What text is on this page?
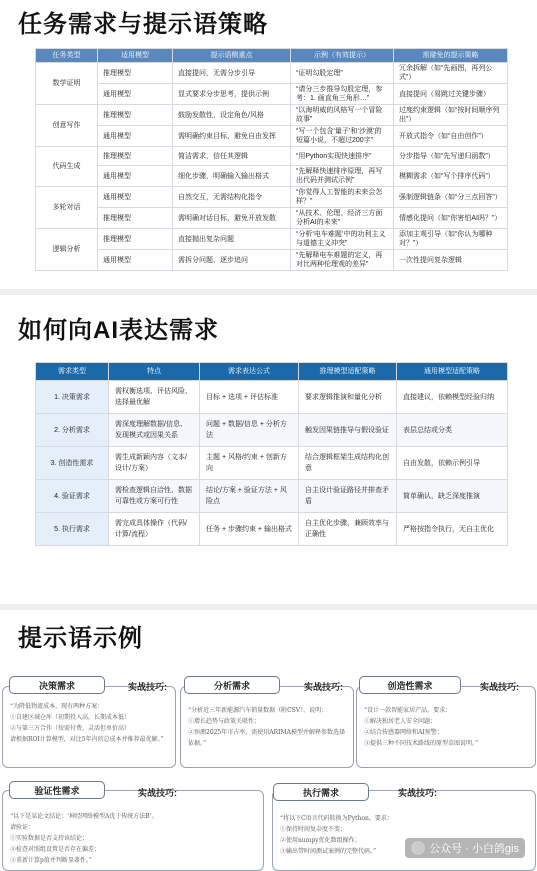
任务需求与提示语策略
任务类型	适用模型	提示语侧重点	示例（有效提示）	需避免的提示策略
数学证明	推理模型	直接提问，无需分步引导	“证明勾股定理”	冗余拆解（如“先画图，再列公式”）
	通用模型	显式要求分步思考，提供示例	“请分三步推导勾股定理，参考：1. 画直角三角形…”	直接提问（易跳过关键步骤）
创意写作	推理模型	鼓励发散性，设定角色/风格	“以海明威的风格写一个冒险故事”	过度约束逻辑（如“按时间顺序列出”）
	通用模型	需明确约束目标，避免自由发挥	“写一个包含‘量子’和‘沙漠’的短篇小说，不超过200字”	开放式指令（如“自由创作”）
代码生成	推理模型	简洁需求，信任其逻辑	“用Python实现快速排序”	分步指导（如“先写递归函数”）
	通用模型	细化步骤，明确输入输出格式	“先解释快速排序原理，再写出代码并测试示例”	模糊需求（如“写个排序代码”）
多轮对话	通用模型	自然交互，无需结构化指令	“你觉得人工智能的未来会怎样？”	强制逻辑链条（如“分三点回答”）
	推理模型	需明确对话目标，避免开放发散	“从技术、伦理、经济三方面分析AI的未来”	情感化提问（如“你害怕AI吗？”）
逻辑分析	推理模型	直接抛出复杂问题	“分析‘电车难题’中的功利主义与道德主义冲突”	添加主观引导（如“你认为哪种对？”）
	通用模型	需拆分问题，逐步追问	“先解释电车难题的定义，再对比两种伦理观的差异”	一次性提问复杂逻辑
如何向AI表达需求
需求类型	特点	需求表达公式	推理模型适配策略	通用模型适配策略
1. 决策需求	需权衡选项、评估风险、选择最优解	目标 + 选项 + 评估标准	要求逻辑推演和量化分析	直接建议，依赖模型经验归纳
2. 分析需求	需深度理解数据/信息、发现模式或因果关系	问题 + 数据/信息 + 分析方法	触发因果链推导与假设验证	表层总结或分类
3. 创造性需求	需生成新颖内容（文本/设计/方案）	主题 + 风格/约束 + 创新方向	结合逻辑框架生成结构化创意	自由发散，依赖示例引导
4. 验证需求	需检查逻辑自洽性、数据可靠性或方案可行性	结论/方案 + 验证方法 + 风险点	自主设计验证路径并排查矛盾	简单确认，缺乏深度推演
5. 执行需求	需完成具体操作（代码/计算/流程）	任务 + 步骤约束 + 输出格式	自主优化步骤，兼顾效率与正确性	严格按指令执行，无自主优化
提示语示例
“为降低物流成本，现有两种方案：
①自建区域仓库（初期投入高，长期成本低）
②与第三方合作（按需付费，灵活但单价高）
请根据ROI计算模型，对比5年内的总成本并推荐最优解。”
决策需求	实战技巧:
“分析近三年新能源汽车销量数据（附CSV），说明：
①增长趋势与政策关联性；
②预测2025年市占率，需使用ARIMA模型并解释参数选择依据。”
分析需求	实战技巧:
“设计一款智能家居产品，要求：
①解决独居老人安全问题；
②结合传感器网络和AI预警；
③提供三种不同技术路线的原型草图说明。”
创造性需求	实战技巧:
“以下是某论文结论：‘神经网络模型A优于传统方法B’。
请验证：
①实验数据是否支持该结论；
②检查对照组设置是否存在偏差；
③重新计算p值并判断显著性。”
验证性需求	实战技巧:
“将以下C语言代码转换为Python，要求：
①保持时间复杂度不变；
②使用numpy优化数组操作；
③输出带时间测试案例的完整代码。”
执行需求	实战技巧:
公众号 · 小白鸽gis
